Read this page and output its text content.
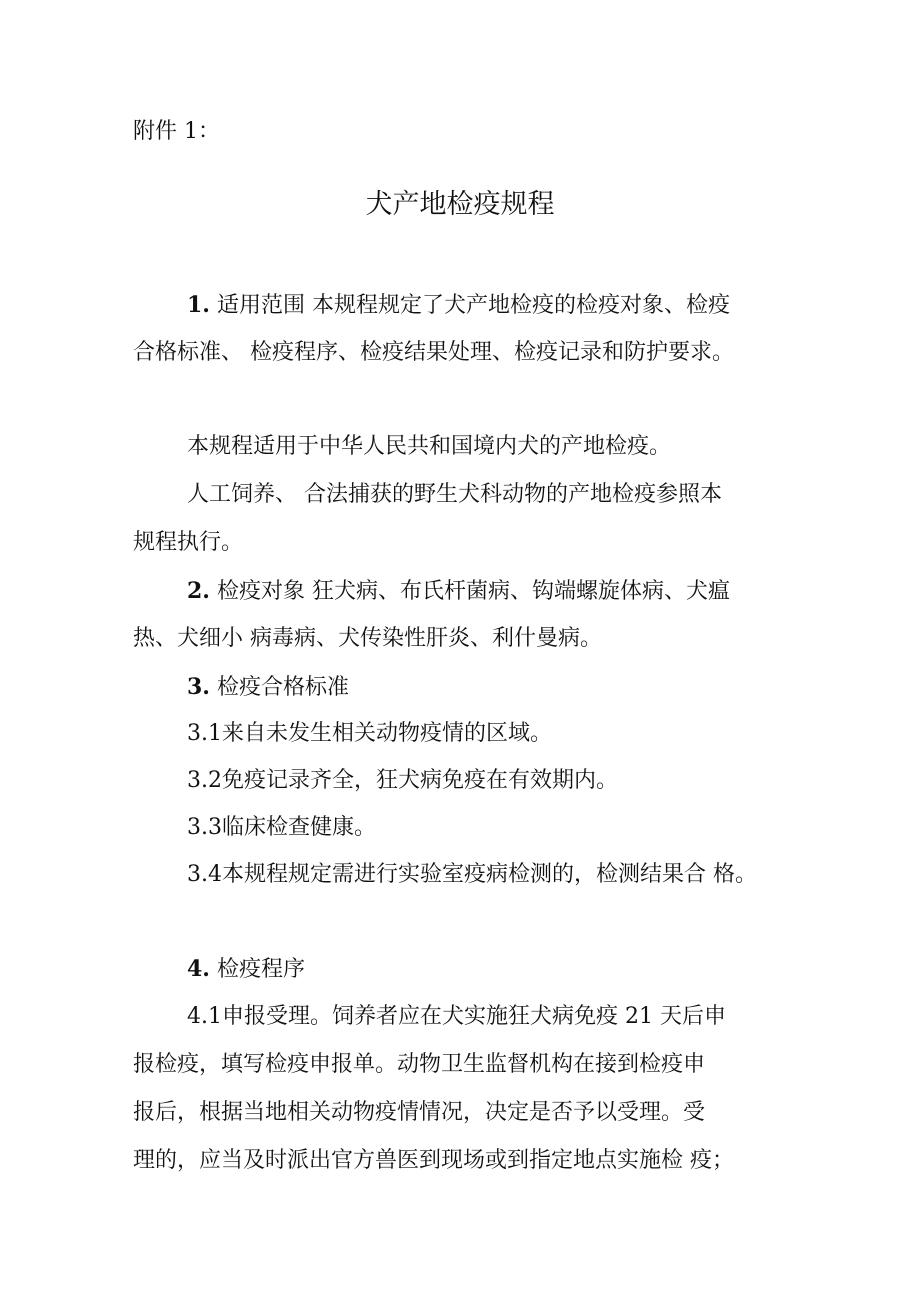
附件 1：
犬产地检疫规程
1. 适用范围 本规程规定了犬产地检疫的检疫对象、检疫
合格标准、 检疫程序、检疫结果处理、检疫记录和防护要求。
本规程适用于中华人民共和国境内犬的产地检疫。
人工饲养、 合法捕获的野生犬科动物的产地检疫参照本
规程执行。
2. 检疫对象 狂犬病、布氏杆菌病、钩端螺旋体病、犬瘟
热、犬细小 病毒病、犬传染性肝炎、利什曼病。
3. 检疫合格标准
3.1来自未发生相关动物疫情的区域。
3.2免疫记录齐全，狂犬病免疫在有效期内。
3.3临床检查健康。
3.4本规程规定需进行实验室疫病检测的，检测结果合 格。
4. 检疫程序
4.1申报受理。饲养者应在犬实施狂犬病免疫 21 天后申
报检疫，填写检疫申报单。动物卫生监督机构在接到检疫申
报后，根据当地相关动物疫情情况，决定是否予以受理。受
理的，应当及时派出官方兽医到现场或到指定地点实施检 疫；
